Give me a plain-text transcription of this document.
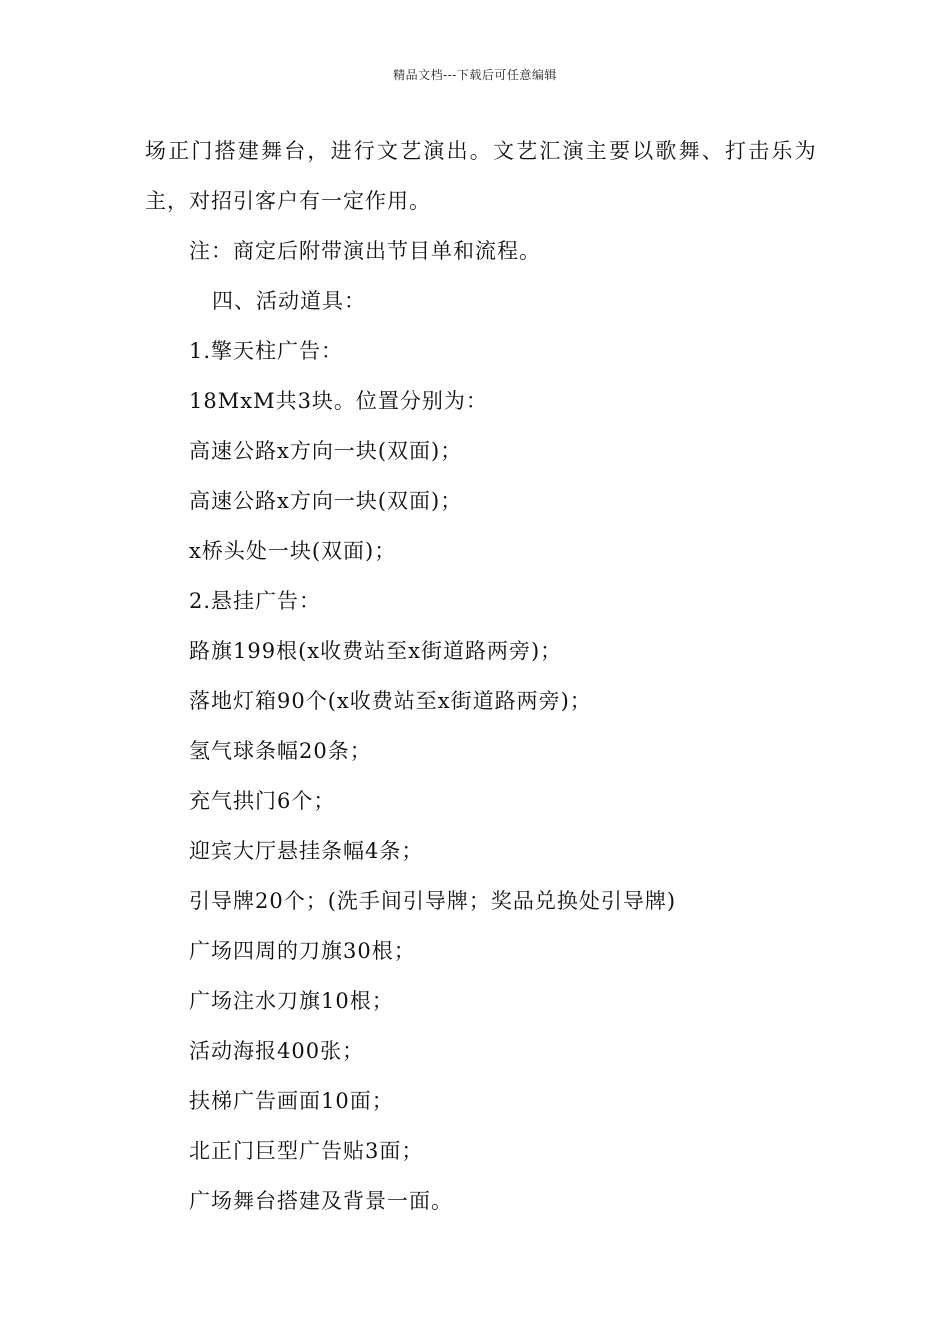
精品文档---下载后可任意编辑
场正门搭建舞台，进行文艺演出。文艺汇演主要以歌舞、打击乐为
主，对招引客户有一定作用。
注：商定后附带演出节目单和流程。
四、活动道具：
1.擎天柱广告：
18MxM共3块。位置分别为：
高速公路x方向一块(双面)；
高速公路x方向一块(双面)；
x桥头处一块(双面)；
2.悬挂广告：
路旗199根(x收费站至x街道路两旁)；
落地灯箱90个(x收费站至x街道路两旁)；
氢气球条幅20条；
充气拱门6个；
迎宾大厅悬挂条幅4条；
引导牌20个；(洗手间引导牌；奖品兑换处引导牌)
广场四周的刀旗30根；
广场注水刀旗10根；
活动海报400张；
扶梯广告画面10面；
北正门巨型广告贴3面；
广场舞台搭建及背景一面。
